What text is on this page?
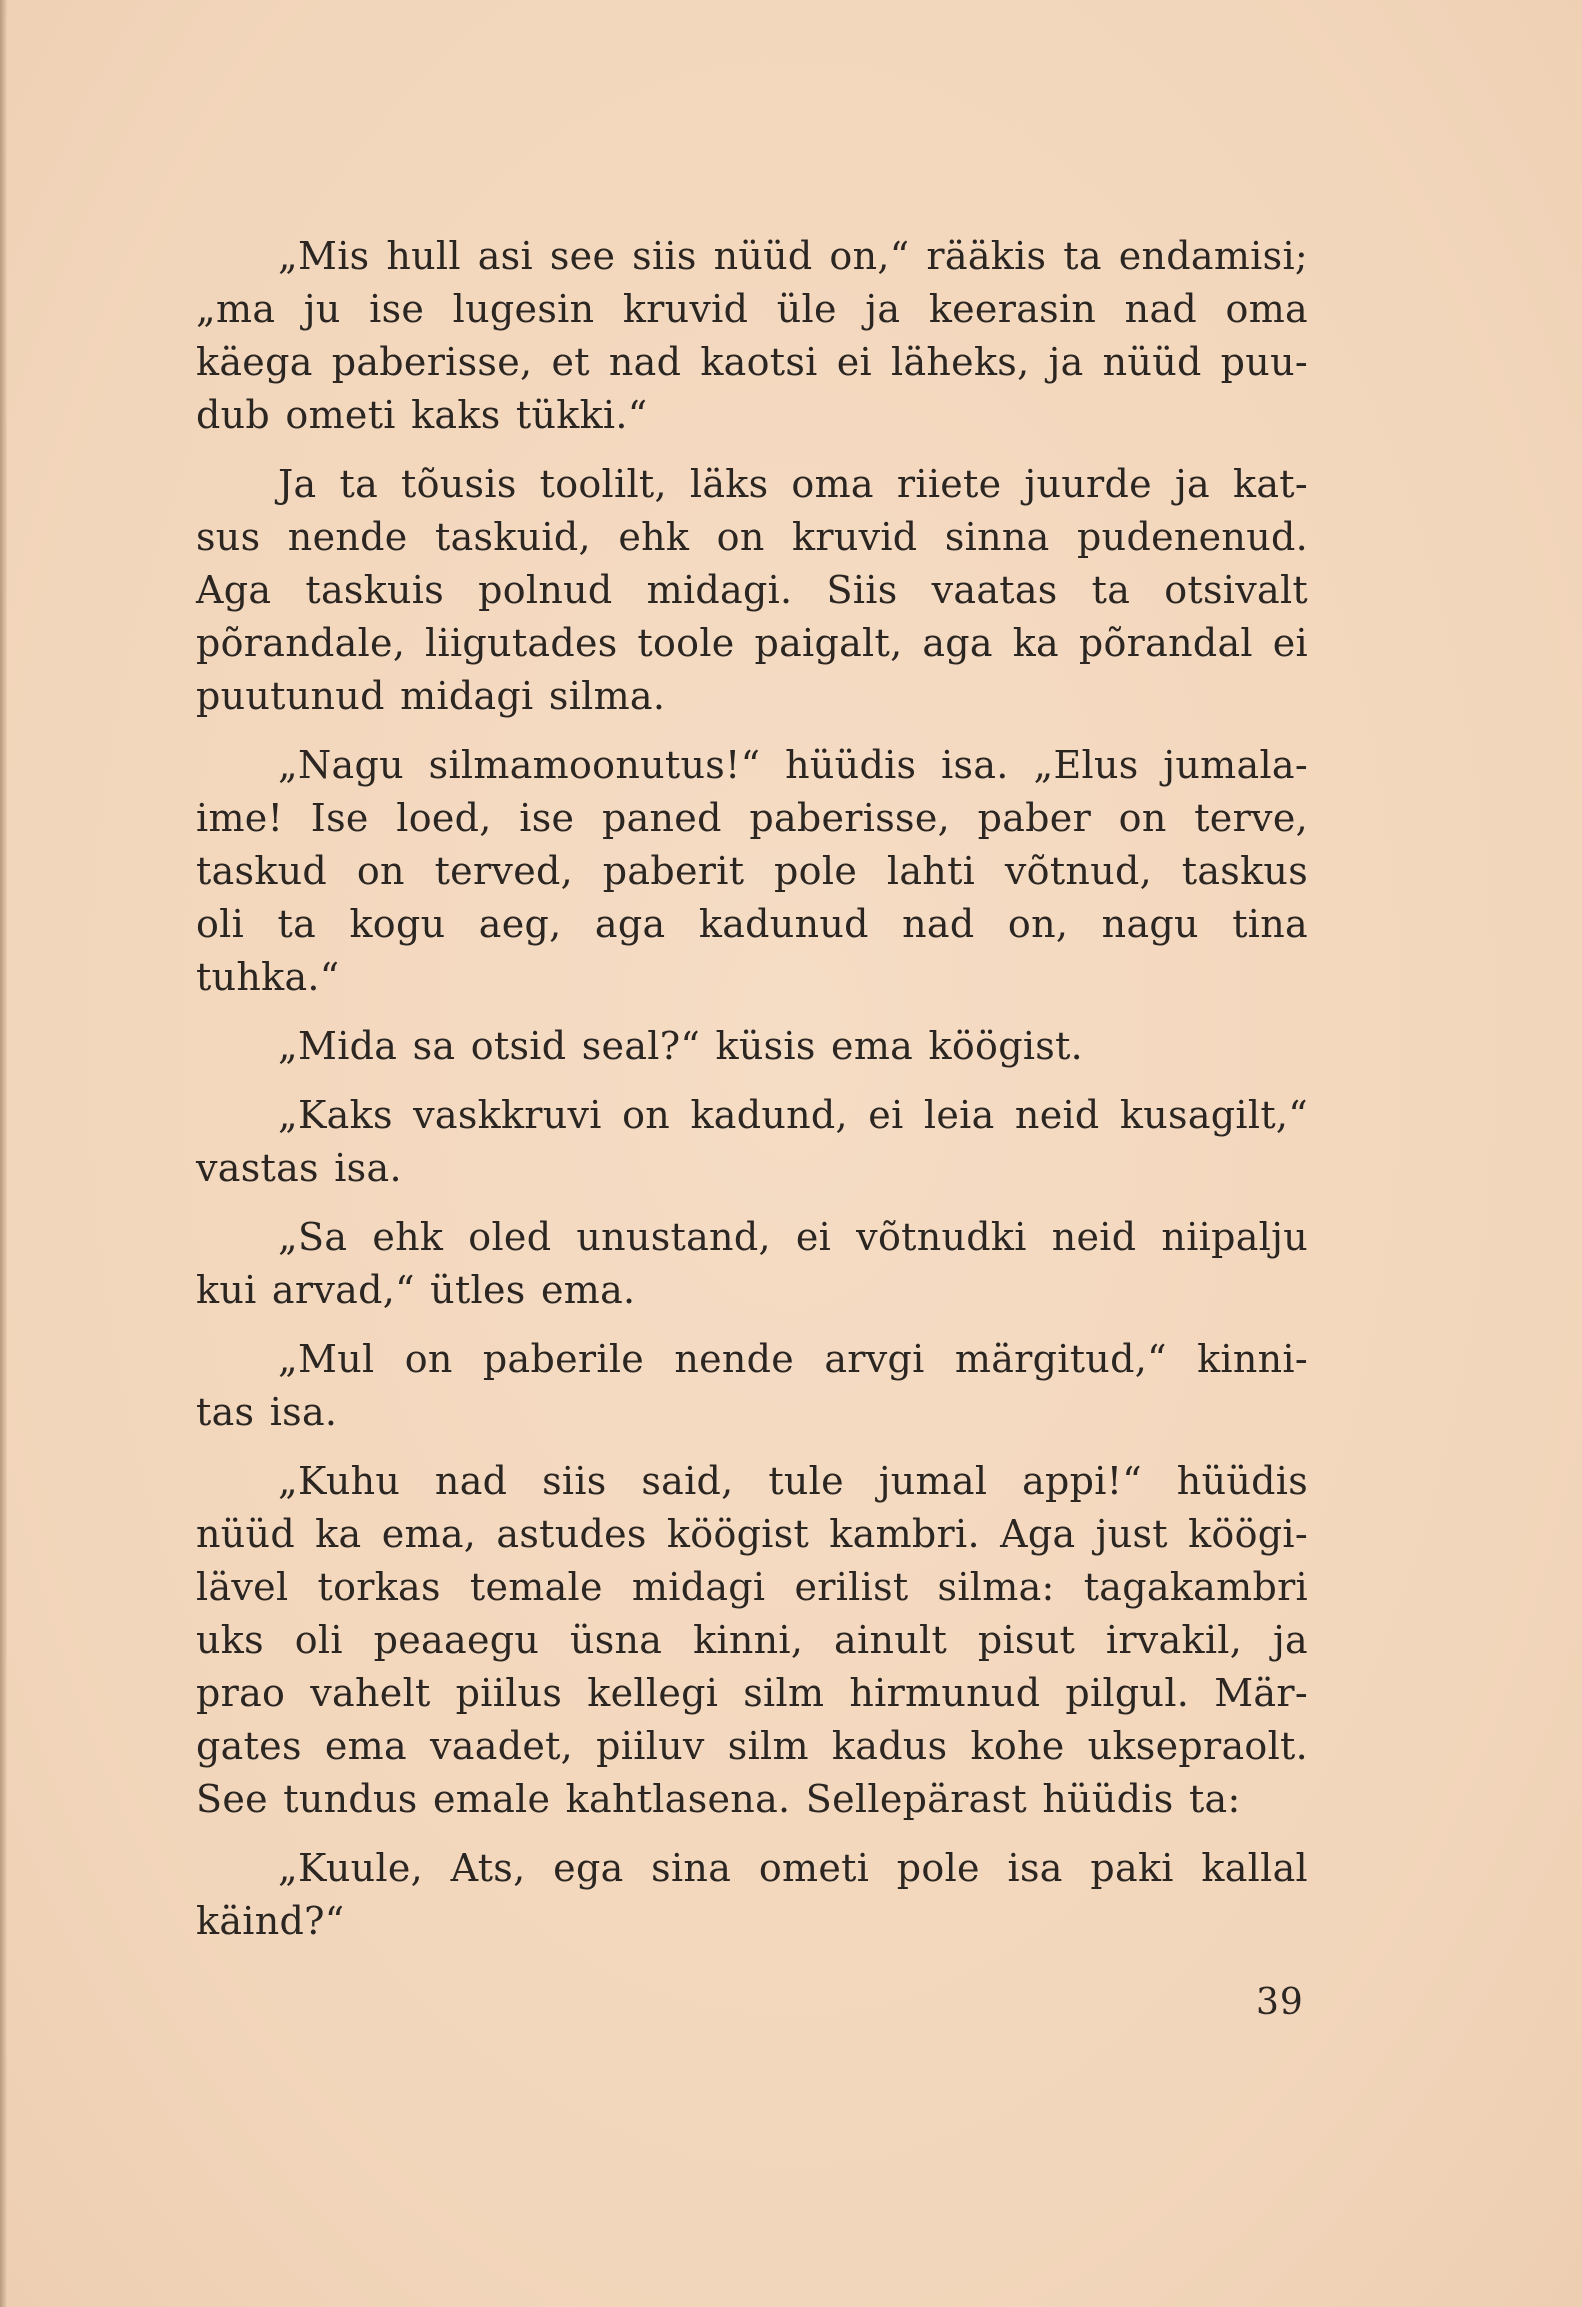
„Mis hull asi see siis nüüd on,“ rääkis ta endamisi;
„ma ju ise lugesin kruvid üle ja keerasin nad oma
käega paberisse, et nad kaotsi ei läheks, ja nüüd puu-
dub ometi kaks tükki.“

Ja ta tõusis toolilt, läks oma riiete juurde ja kat-
sus nende taskuid, ehk on kruvid sinna pudenenud.
Aga taskuis polnud midagi. Siis vaatas ta otsivalt
põrandale, liigutades toole paigalt, aga ka põrandal ei
puutunud midagi silma.

„Nagu silmamoonutus!“ hüüdis isa. „Elus jumala-
ime! Ise loed, ise paned paberisse, paber on terve,
taskud on terved, paberit pole lahti võtnud, taskus
oli ta kogu aeg, aga kadunud nad on, nagu tina
tuhka.“

„Mida sa otsid seal?“ küsis ema köögist.

„Kaks vaskkruvi on kadund, ei leia neid kusagilt,“
vastas isa.

„Sa ehk oled unustand, ei võtnudki neid niipalju
kui arvad,“ ütles ema.

„Mul on paberile nende arvgi märgitud,“ kinni-
tas isa.

„Kuhu nad siis said, tule jumal appi!“ hüüdis
nüüd ka ema, astudes köögist kambri. Aga just köögi-
lävel torkas temale midagi erilist silma: tagakambri
uks oli peaaegu üsna kinni, ainult pisut irvakil, ja
prao vahelt piilus kellegi silm hirmunud pilgul. Mär-
gates ema vaadet, piiluv silm kadus kohe uksepraolt.
See tundus emale kahtlasena. Sellepärast hüüdis ta:

„Kuule, Ats, ega sina ometi pole isa paki kallal
käind?“

39
